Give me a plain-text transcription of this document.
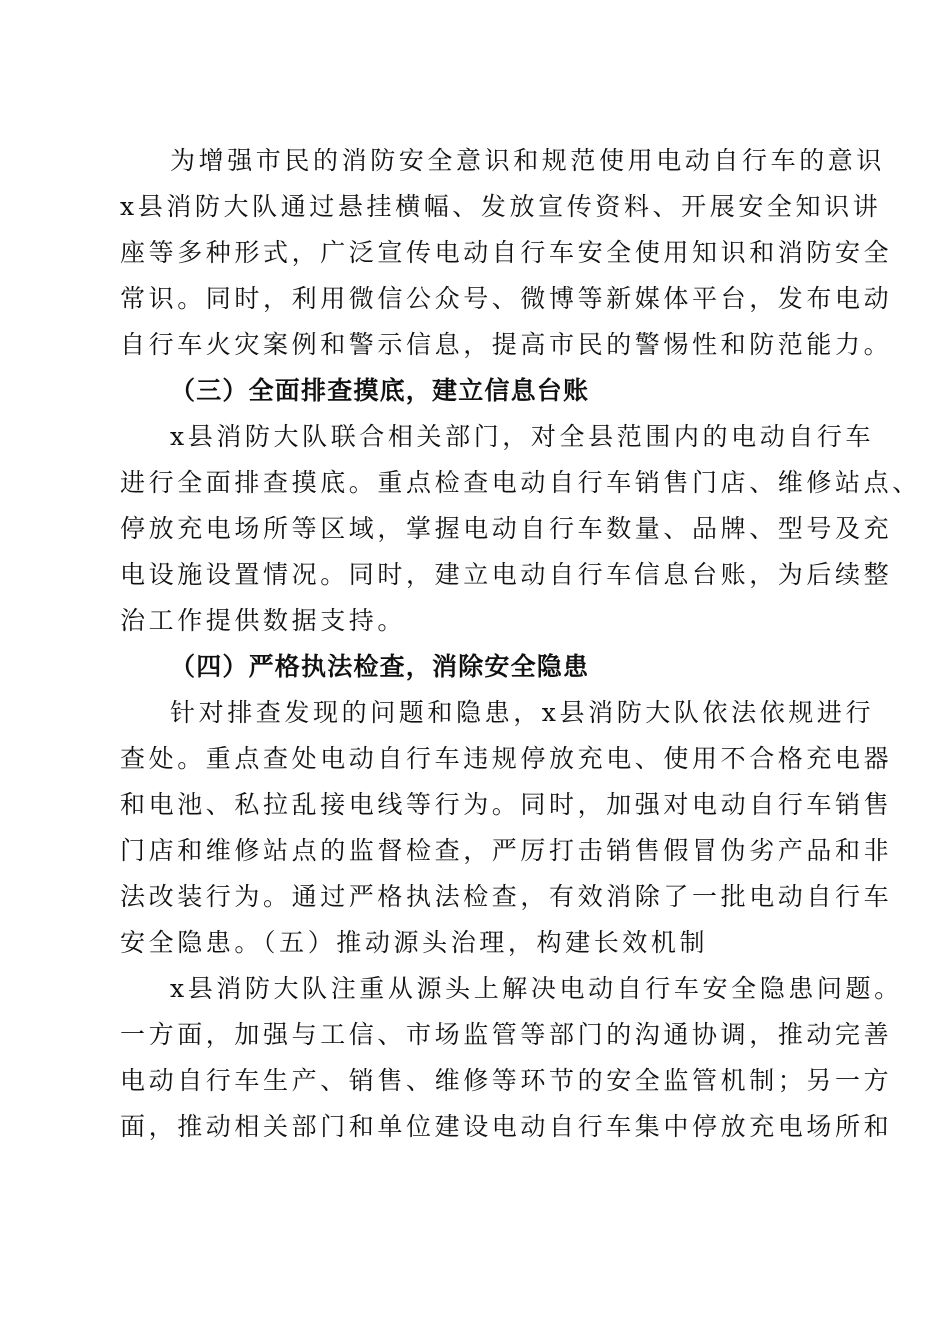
为增强市民的消防安全意识和规范使用电动自行车的意识
x县消防大队通过悬挂横幅、发放宣传资料、开展安全知识讲
座等多种形式，广泛宣传电动自行车安全使用知识和消防安全
常识。同时，利用微信公众号、微博等新媒体平台，发布电动
自行车火灾案例和警示信息，提高市民的警惕性和防范能力。
（三）全面排查摸底，建立信息台账
x县消防大队联合相关部门，对全县范围内的电动自行车
进行全面排查摸底。重点检查电动自行车销售门店、维修站点、
停放充电场所等区域，掌握电动自行车数量、品牌、型号及充
电设施设置情况。同时，建立电动自行车信息台账，为后续整
治工作提供数据支持。
（四）严格执法检查，消除安全隐患
针对排查发现的问题和隐患，x县消防大队依法依规进行
查处。重点查处电动自行车违规停放充电、使用不合格充电器
和电池、私拉乱接电线等行为。同时，加强对电动自行车销售
门店和维修站点的监督检查，严厉打击销售假冒伪劣产品和非
法改装行为。通过严格执法检查，有效消除了一批电动自行车
安全隐患。（五）推动源头治理，构建长效机制
x县消防大队注重从源头上解决电动自行车安全隐患问题。
一方面，加强与工信、市场监管等部门的沟通协调，推动完善
电动自行车生产、销售、维修等环节的安全监管机制；另一方
面，推动相关部门和单位建设电动自行车集中停放充电场所和
